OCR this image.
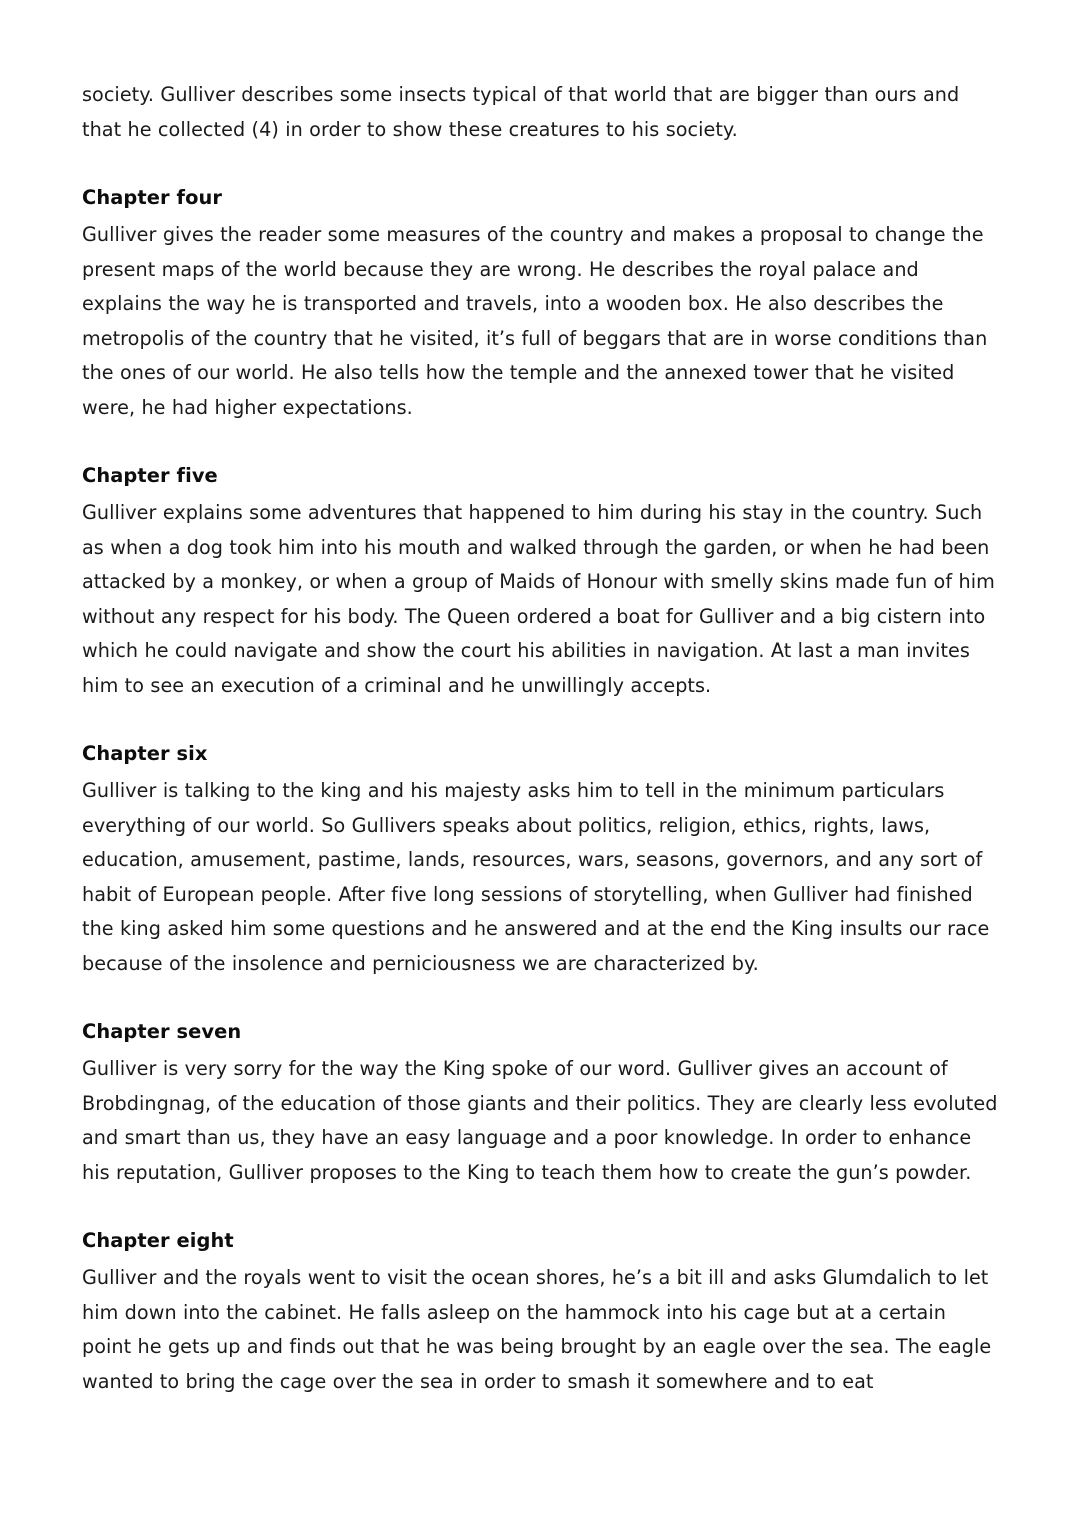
society. Gulliver describes some insects typical of that world that are bigger than ours and that he collected (4) in order to show these creatures to his society.

Chapter four

Gulliver gives the reader some measures of the country and makes a proposal to change the present maps of the world because they are wrong. He describes the royal palace and explains the way he is transported and travels, into a wooden box. He also describes the metropolis of the country that he visited, it’s full of beggars that are in worse conditions than the ones of our world. He also tells how the temple and the annexed tower that he visited were, he had higher expectations.

Chapter five

Gulliver explains some adventures that happened to him during his stay in the country. Such as when a dog took him into his mouth and walked through the garden, or when he had been attacked by a monkey, or when a group of Maids of Honour with smelly skins made fun of him without any respect for his body. The Queen ordered a boat for Gulliver and a big cistern into which he could navigate and show the court his abilities in navigation. At last a man invites him to see an execution of a criminal and he unwillingly accepts.

Chapter six

Gulliver is talking to the king and his majesty asks him to tell in the minimum particulars everything of our world. So Gullivers speaks about politics, religion, ethics, rights, laws, education, amusement, pastime, lands, resources, wars, seasons, governors, and any sort of habit of European people. After five long sessions of storytelling, when Gulliver had finished the king asked him some questions and he answered and at the end the King insults our race because of the insolence and perniciousness we are characterized by.

Chapter seven

Gulliver is very sorry for the way the King spoke of our word. Gulliver gives an account of Brobdingnag, of the education of those giants and their politics. They are clearly less evoluted and smart than us, they have an easy language and a poor knowledge. In order to enhance his reputation, Gulliver proposes to the King to teach them how to create the gun’s powder.

Chapter eight

Gulliver and the royals went to visit the ocean shores, he’s a bit ill and asks Glumdalich to let him down into the cabinet. He falls asleep on the hammock into his cage but at a certain point he gets up and finds out that he was being brought by an eagle over the sea. The eagle wanted to bring the cage over the sea in order to smash it somewhere and to eat
